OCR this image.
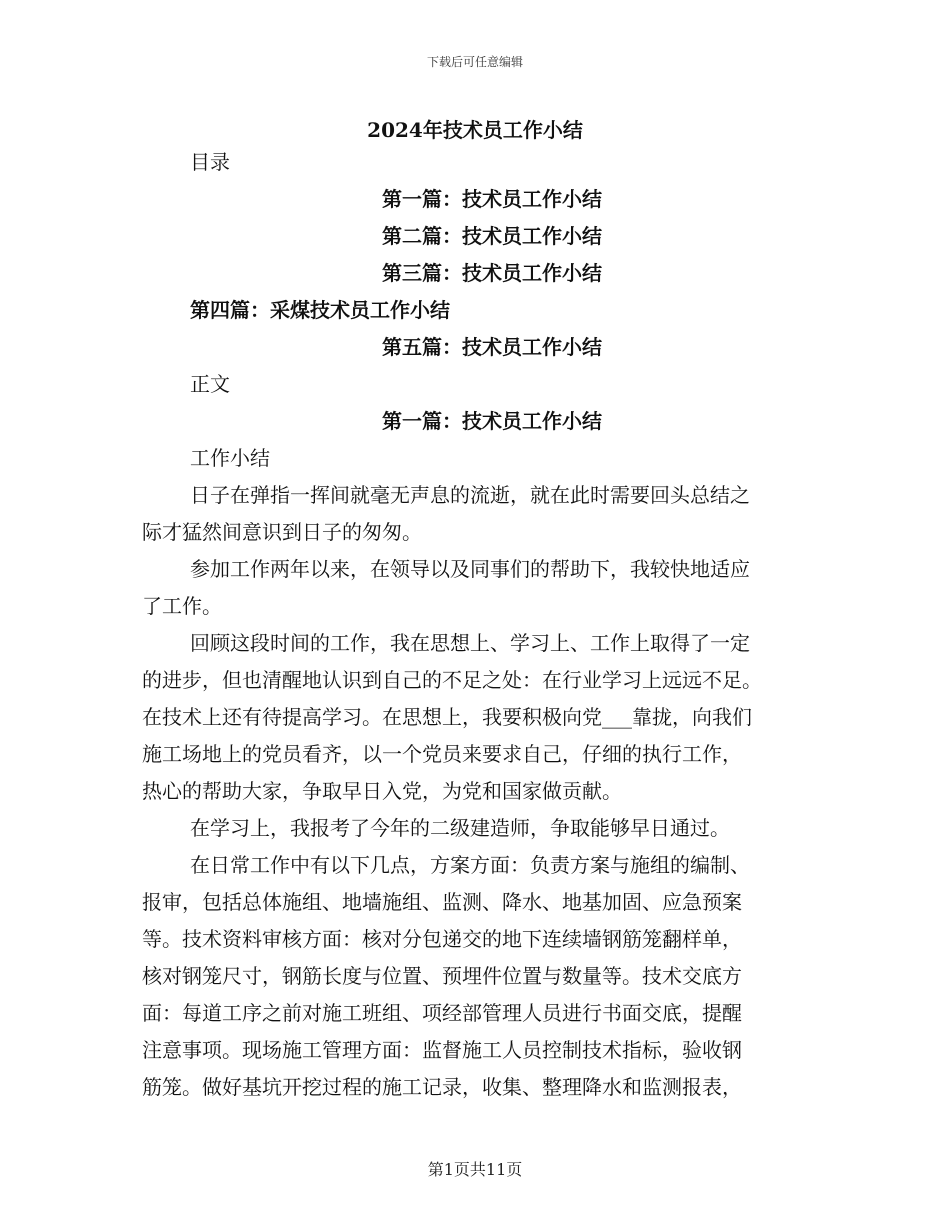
下载后可任意编辑
2024年技术员工作小结
目录
第一篇：技术员工作小结
第二篇：技术员工作小结
第三篇：技术员工作小结
第四篇：采煤技术员工作小结
第五篇：技术员工作小结
正文
第一篇：技术员工作小结
工作小结
日子在弹指一挥间就毫无声息的流逝，就在此时需要回头总结之
际才猛然间意识到日子的匆匆。
参加工作两年以来，在领导以及同事们的帮助下，我较快地适应
了工作。
回顾这段时间的工作，我在思想上、学习上、工作上取得了一定
的进步，但也清醒地认识到自己的不足之处：在行业学习上远远不足。
在技术上还有待提高学习。在思想上，我要积极向党___靠拢，向我们
施工场地上的党员看齐，以一个党员来要求自己，仔细的执行工作，
热心的帮助大家，争取早日入党，为党和国家做贡献。
在学习上，我报考了今年的二级建造师，争取能够早日通过。
在日常工作中有以下几点，方案方面：负责方案与施组的编制、
报审，包括总体施组、地墙施组、监测、降水、地基加固、应急预案
等。技术资料审核方面：核对分包递交的地下连续墙钢筋笼翻样单，
核对钢笼尺寸，钢筋长度与位置、预埋件位置与数量等。技术交底方
面：每道工序之前对施工班组、项经部管理人员进行书面交底，提醒
注意事项。现场施工管理方面：监督施工人员控制技术指标，验收钢
筋笼。做好基坑开挖过程的施工记录，收集、整理降水和监测报表，
第1页共11页
